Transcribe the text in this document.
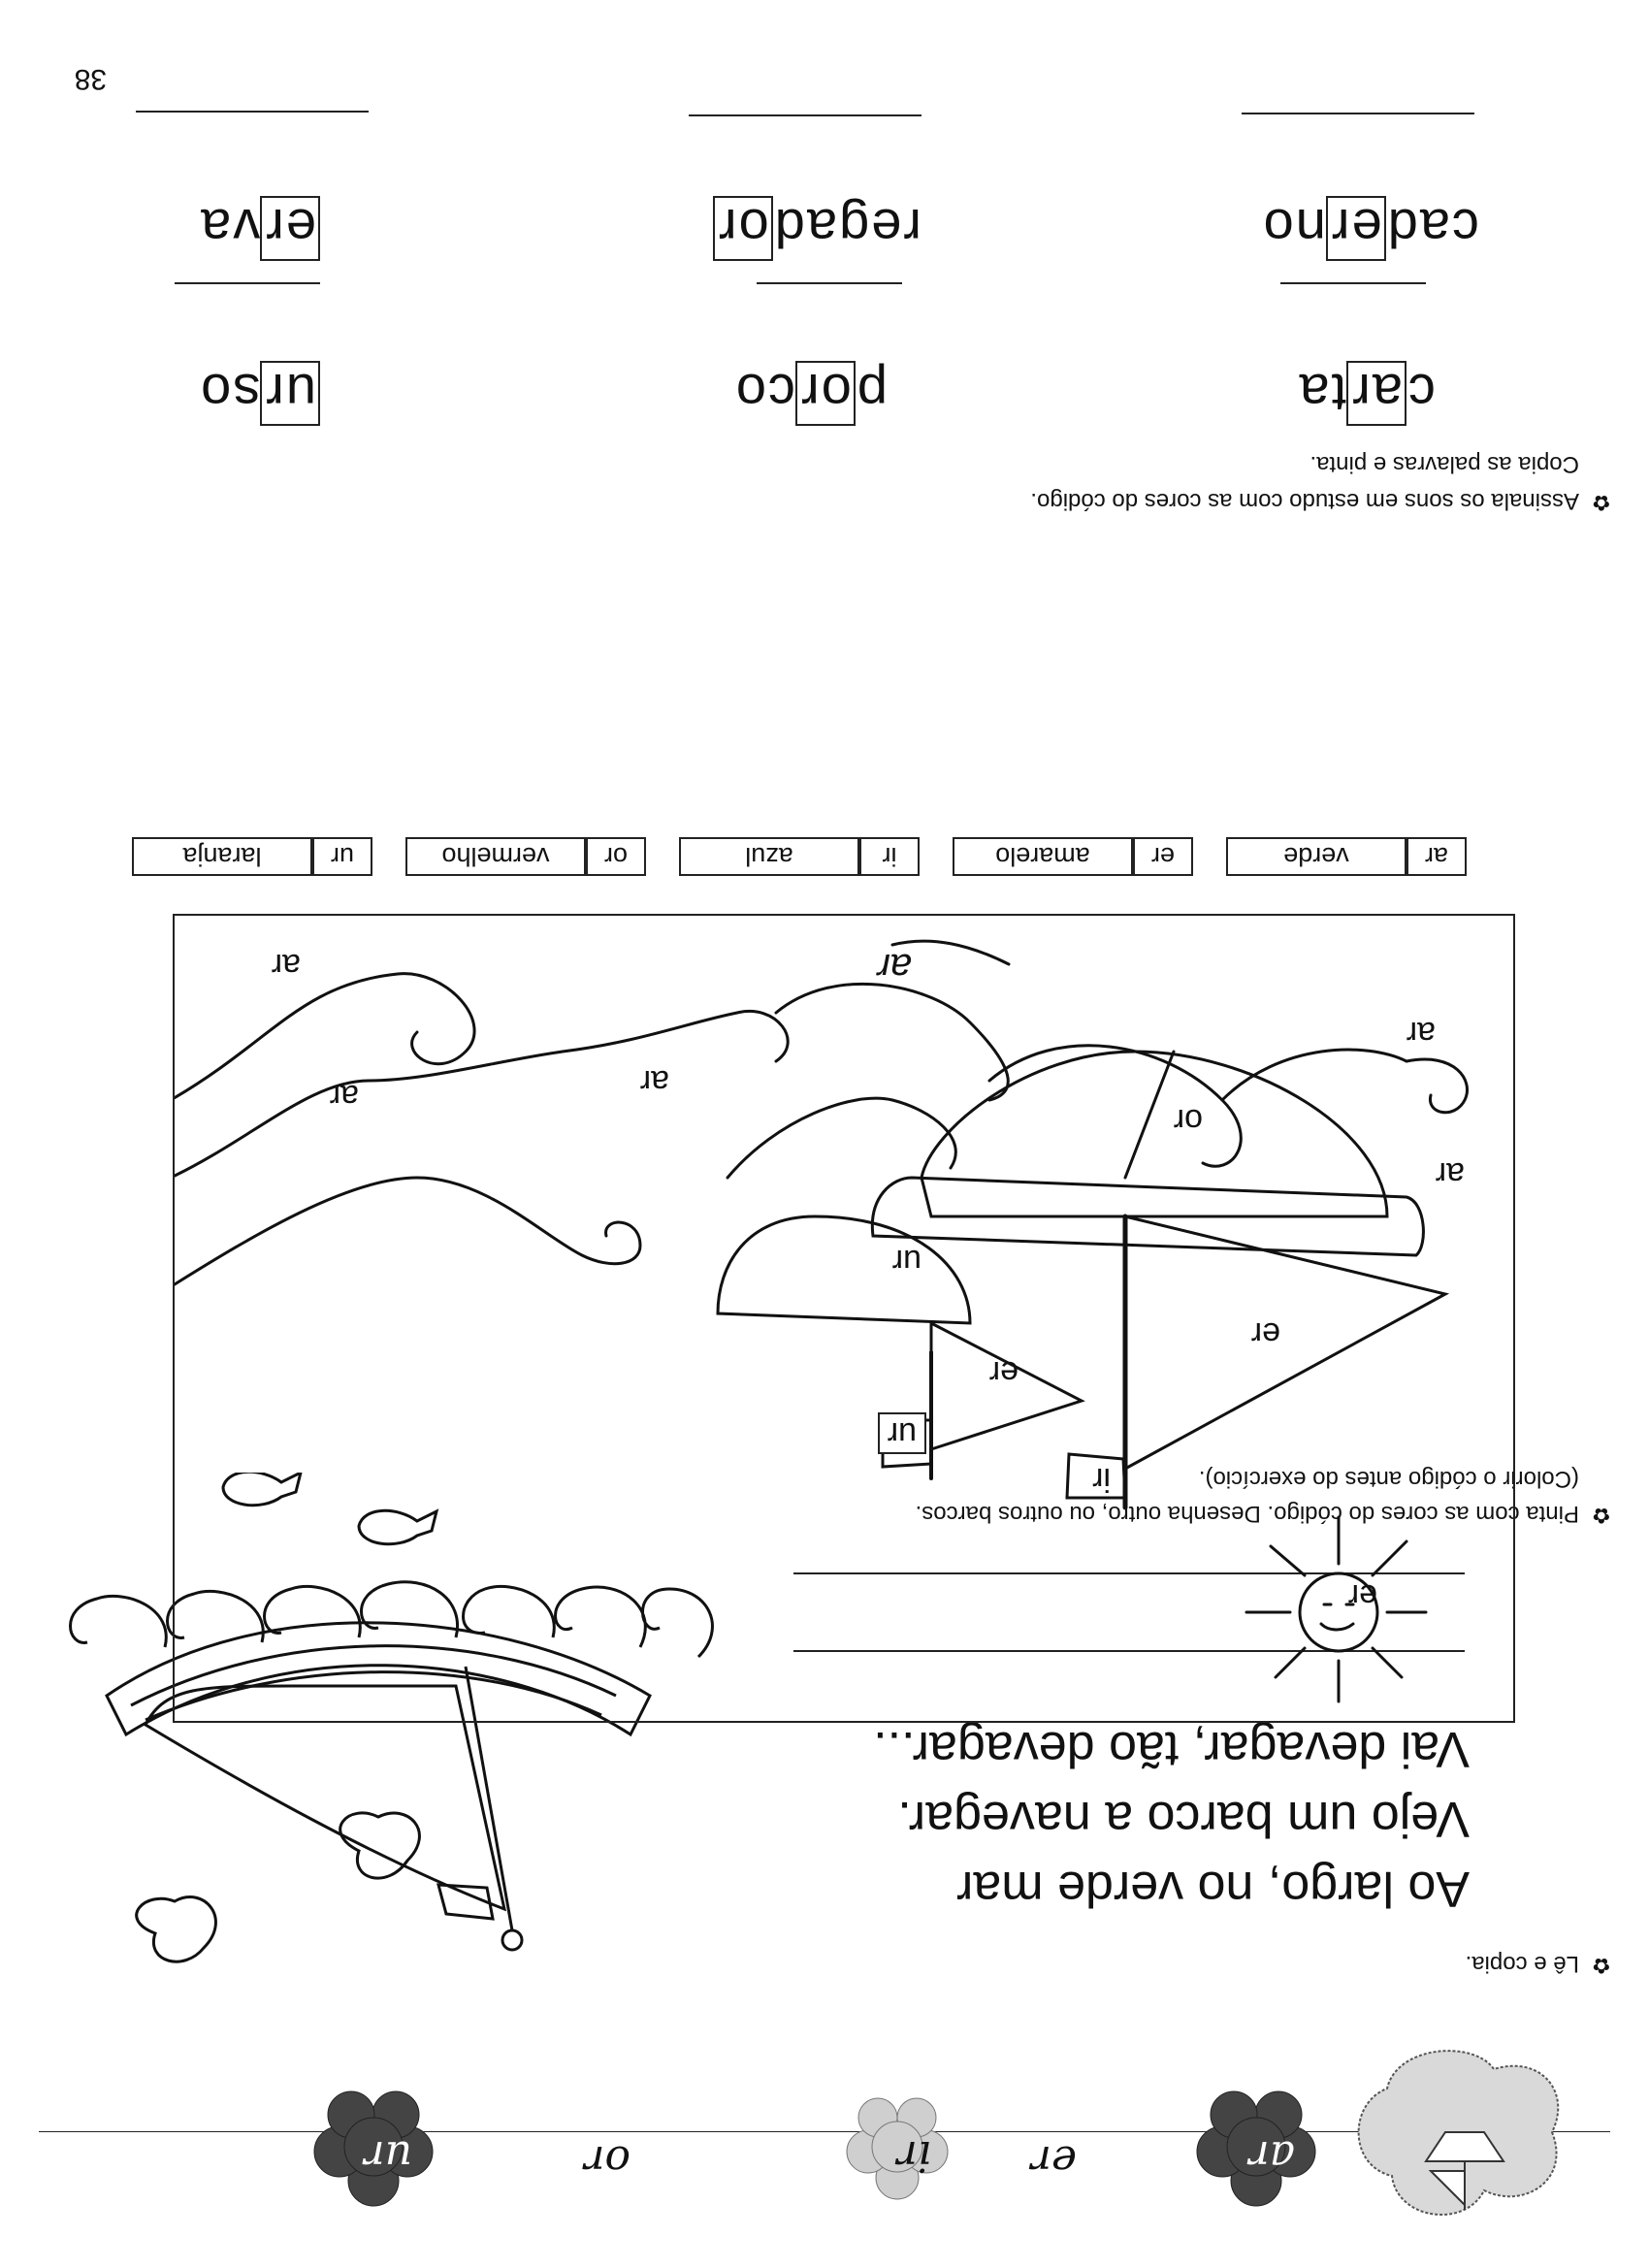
ar
er
ir
or
ur
✿
Lê e copia.
Ao largo, no verde mar
Vejo um barco a navegar.
Vai devagar, tão devagar...
✿
Pinta com as cores do código. Desenha outro, ou outros barcos.
(Colorir o código antes do exercício).
ar
verde
er
amarelo
ir
azul
or
vermelho
ur
laranja
er
ir
er
or
ur
er
ur
ar
ar
ar
ar
ar	ar
✿
Assinala os sons em estudo com as cores do código.
Copia as palavras e pinta.
carta
porco
urso
caderno
regador
erva
38
